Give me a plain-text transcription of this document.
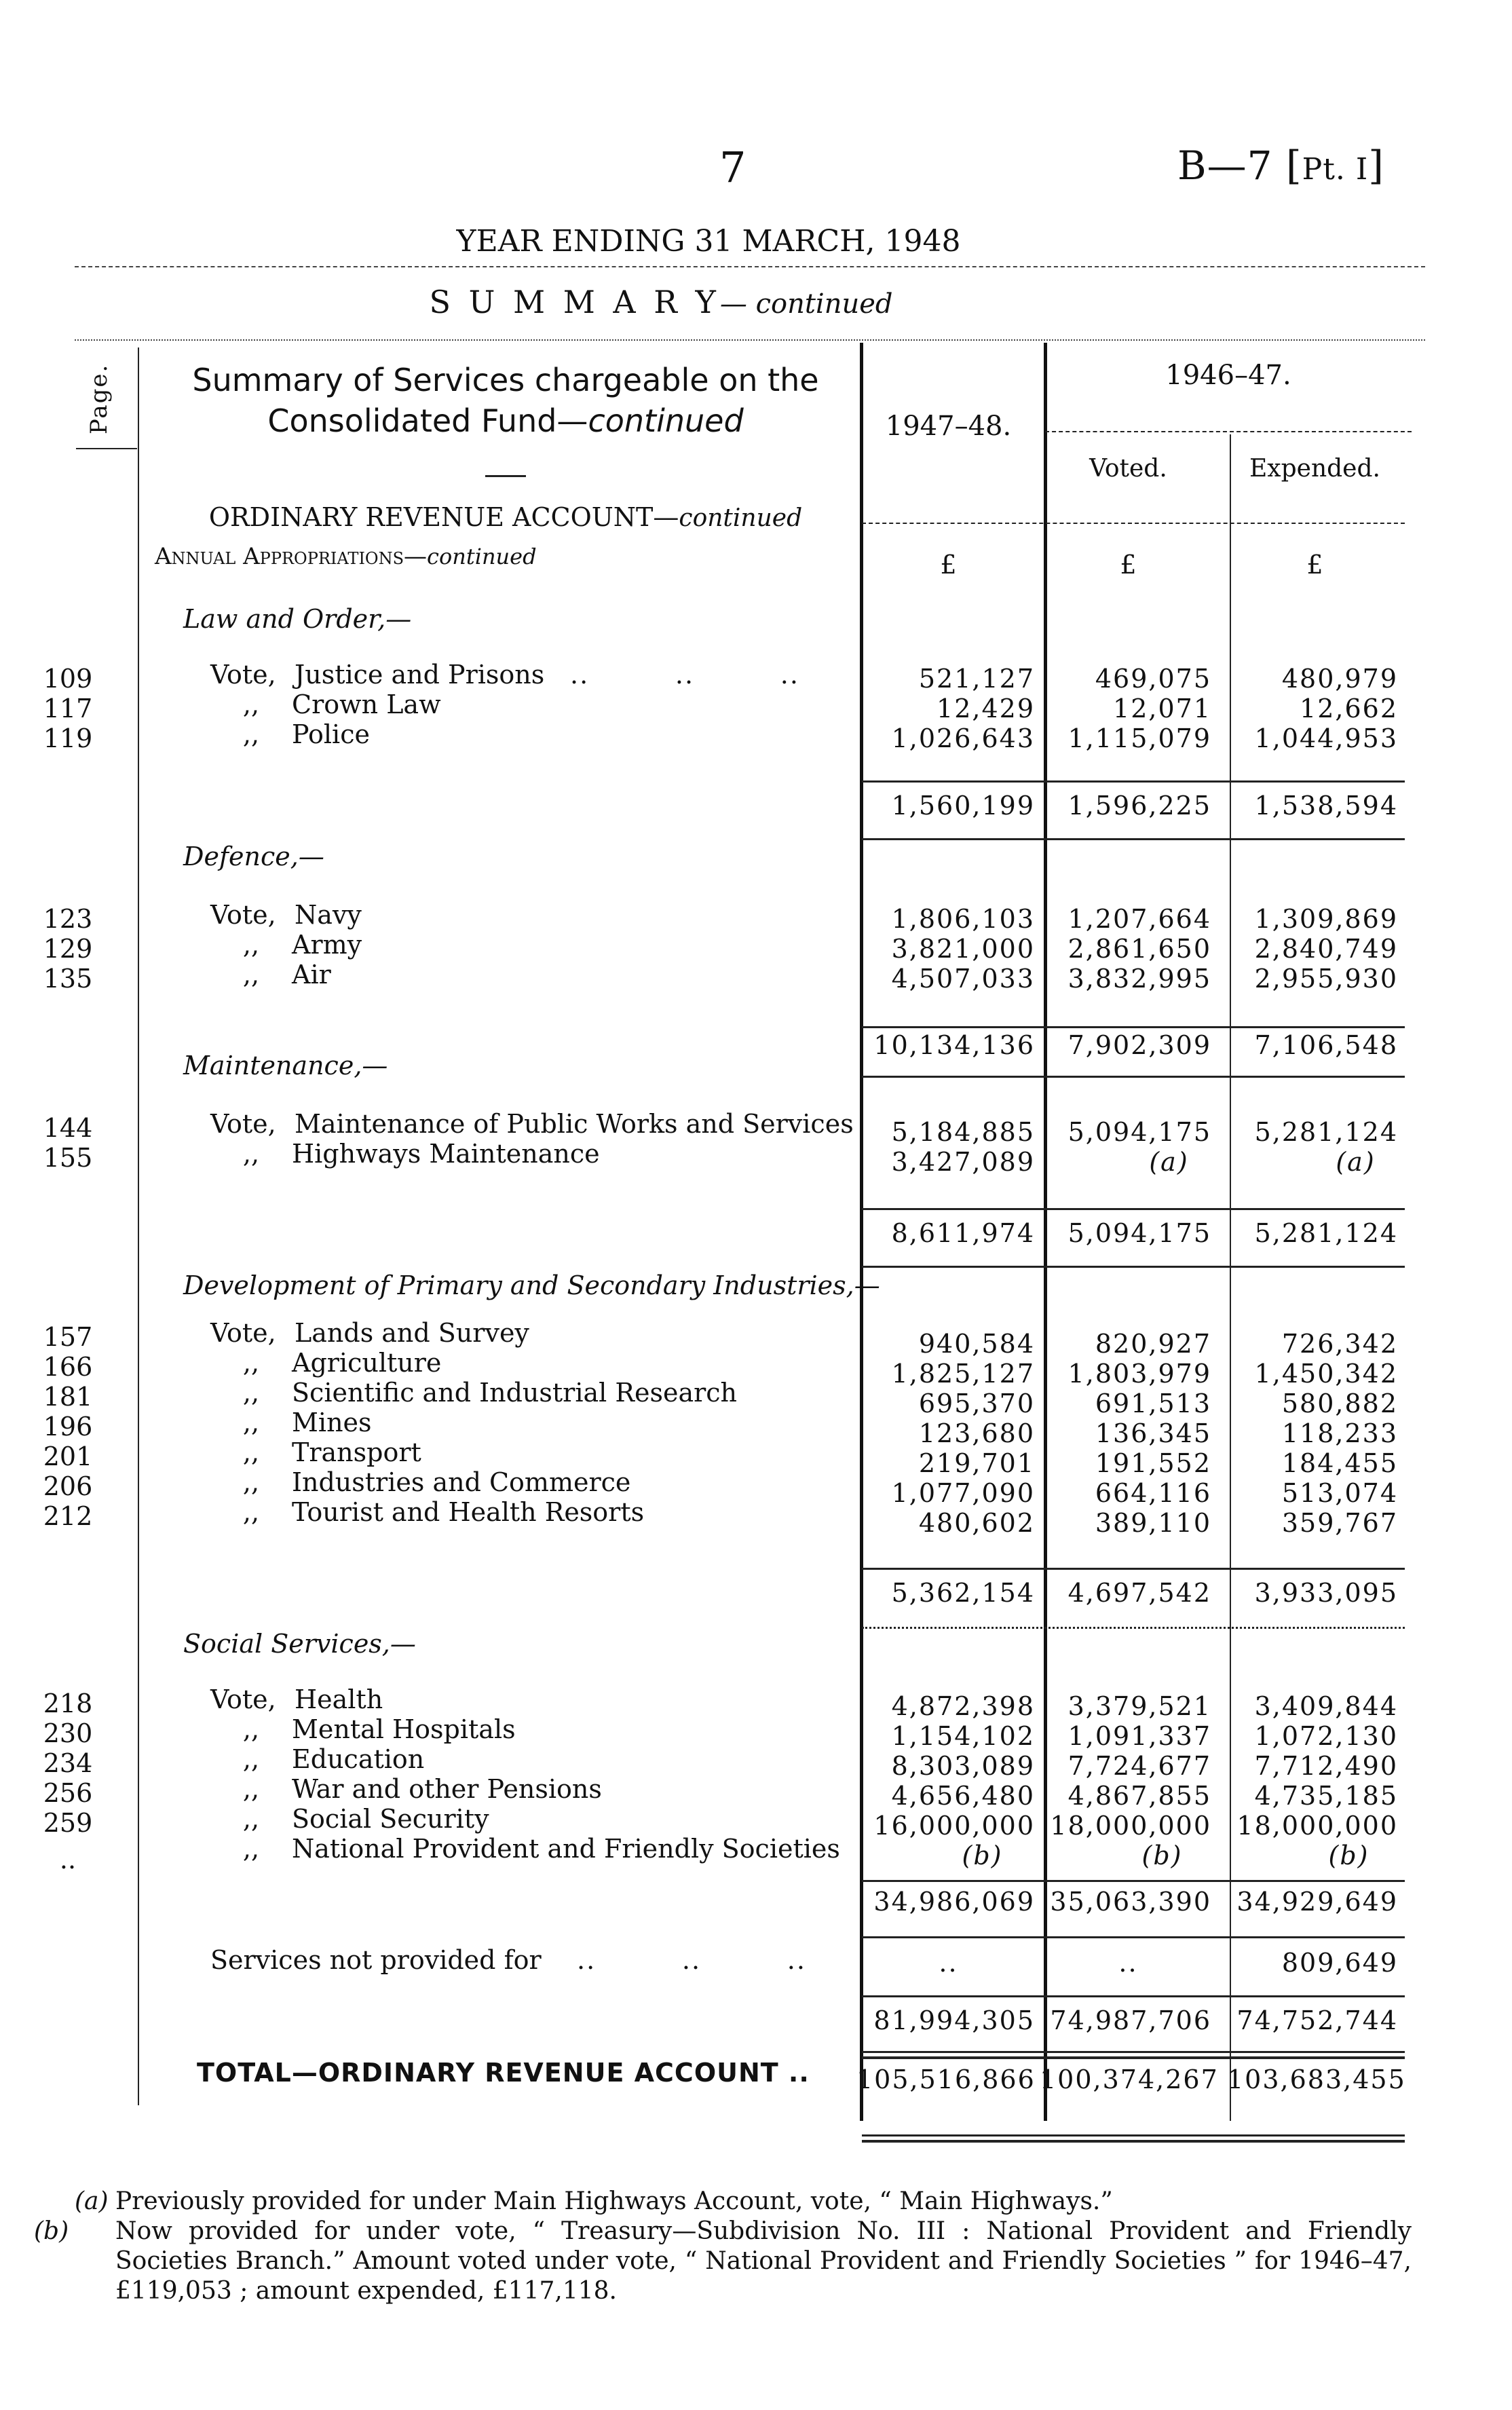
7	B—7 [Pt. I]
YEAR ENDING 31 MARCH, 1948
S U M M A R Y— continued
Page.	Summary of Services chargeable on the
Consolidated Fund—continued
ORDINARY REVENUE ACCOUNT—continued
Annual Appropriations—continued
1947–48.
1946–47.
Voted.	Expended.
£	£	£
Law and Order,—
109	Vote, Justice and Prisons ..         ..         ..	521,127	469,075	480,979
117	,, Crown Law	12,429	12,071	12,662
119	,, Police	1,026,643	1,115,079	1,044,953
1,560,199	1,596,225	1,538,594
Defence,—
123	Vote, Navy	1,806,103	1,207,664	1,309,869
129	,, Army	3,821,000	2,861,650	2,840,749
135	,, Air	4,507,033	3,832,995	2,955,930
10,134,136	7,902,309	7,106,548
Maintenance,—
144	Vote, Maintenance of Public Works and Services	5,184,885	5,094,175	5,281,124
155	,, Highways Maintenance	3,427,089	(a)	(a)
8,611,974	5,094,175	5,281,124
Development of Primary and Secondary Industries,—
157	Vote, Lands and Survey	940,584	820,927	726,342
166	,, Agriculture	1,825,127	1,803,979	1,450,342
181	,, Scientific and Industrial Research	695,370	691,513	580,882
196	,, Mines	123,680	136,345	118,233
201	,, Transport	219,701	191,552	184,455
206	,, Industries and Commerce	1,077,090	664,116	513,074
212	,, Tourist and Health Resorts	480,602	389,110	359,767
5,362,154	4,697,542	3,933,095
Social Services,—
218	Vote, Health	4,872,398	3,379,521	3,409,844
230	,, Mental Hospitals	1,154,102	1,091,337	1,072,130
234	,, Education	8,303,089	7,724,677	7,712,490
256	,, War and other Pensions	4,656,480	4,867,855	4,735,185
259	,, Social Security	16,000,000 18,000,000 18,000,000
..	,, National Provident and Friendly Societies	(b)	(b)	(b)
34,986,069 35,063,390 34,929,649
Services not provided for	..         ..         ..	..	..	809,649
81,994,305 74,987,706 74,752,744
TOTAL—ORDINARY REVENUE ACCOUNT .. 105,516,866 100,374,267 103,683,455
(a) Previously provided for under Main Highways Account, vote, “ Main Highways.”
(b) Now provided for under vote, “ Treasury—Subdivision No. III : National Provident and Friendly Societies Branch.” Amount voted under vote, “ National Provident and Friendly Societies ” for 1946–47, £119,053 ; amount expended, £117,118.
